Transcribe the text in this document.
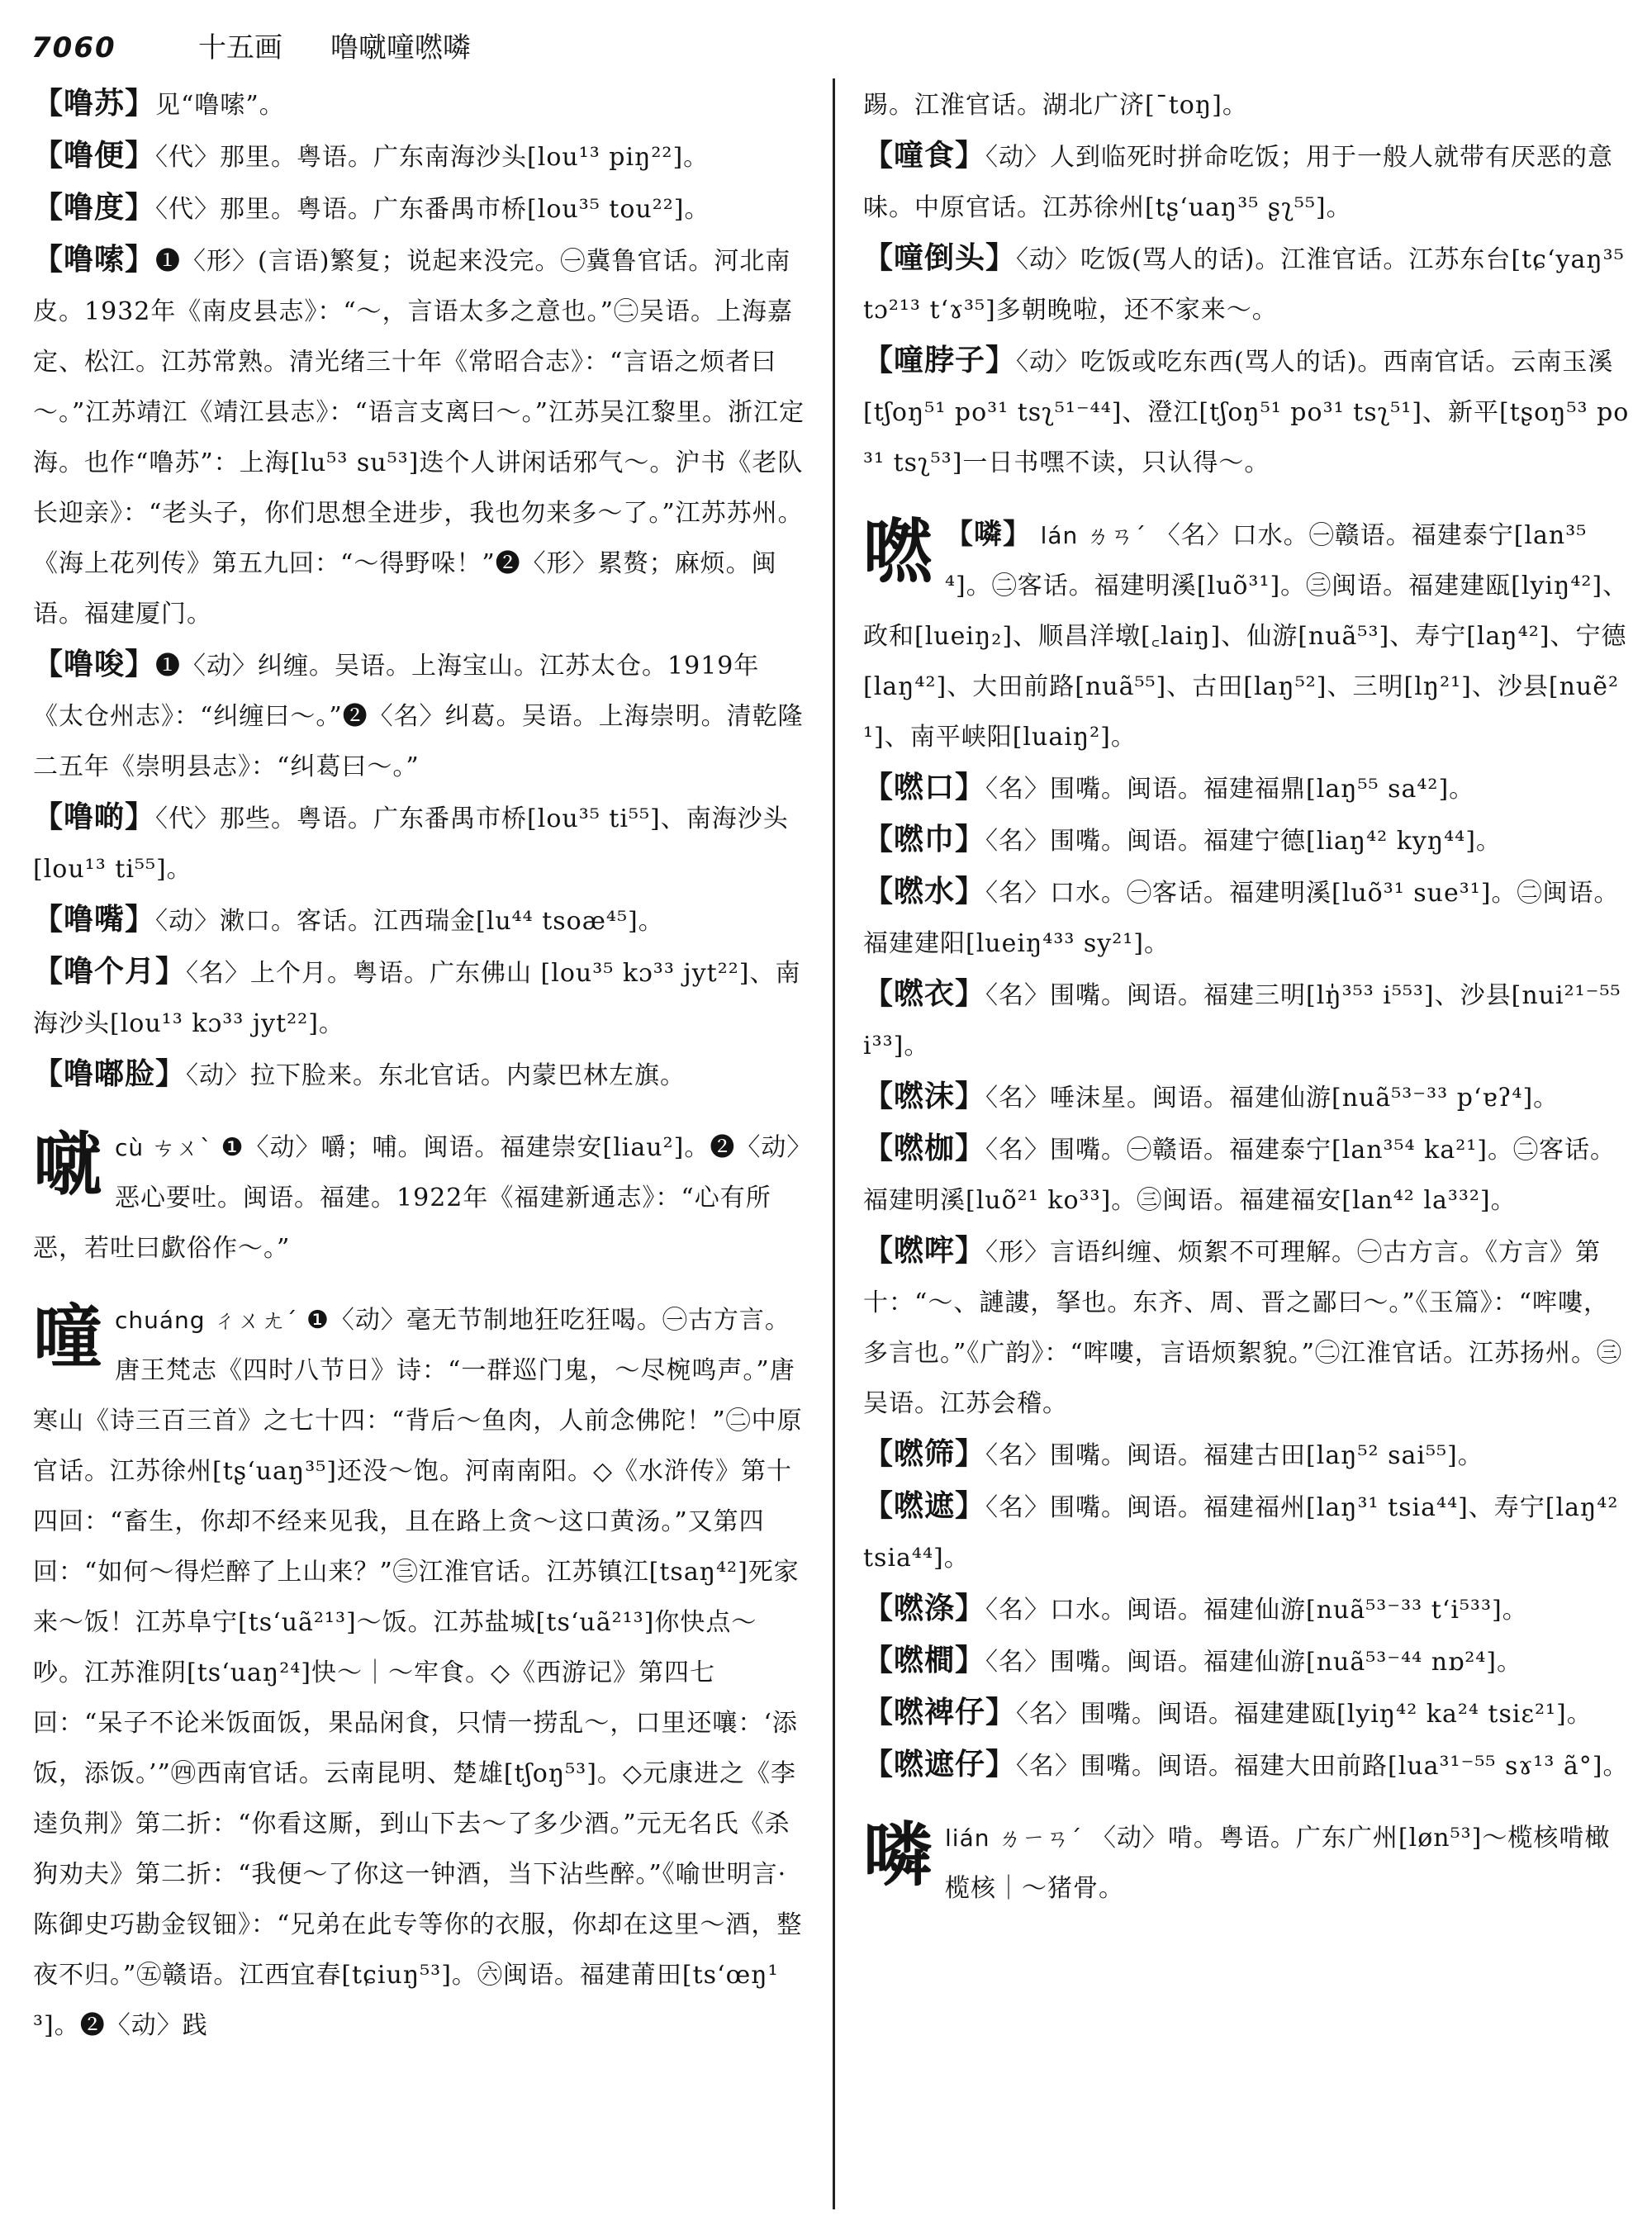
7060	十五画 噜噈噇嘫噒

【噜苏】见“噜嗦”。

【噜便】〈代〉那里。粤语。广东南海沙头[lou¹³ piŋ²²]。

【噜度】〈代〉那里。粤语。广东番禺市桥[lou³⁵ tou²²]。

【噜嗦】❶〈形〉(言语)繁复；说起来没完。㊀冀鲁官话。河北南皮。1932年《南皮县志》：“～，言语太多之意也。”㊁吴语。上海嘉定、松江。江苏常熟。清光绪三十年《常昭合志》：“言语之烦者曰～。”江苏靖江《靖江县志》：“语言支离曰～。”江苏吴江黎里。浙江定海。也作“噜苏”：上海[lu⁵³ su⁵³]迭个人讲闲话邪气～。沪书《老队长迎亲》：“老头子，你们思想全进步，我也勿来多～了。”江苏苏州。《海上花列传》第五九回：“～得野哚！”❷〈形〉累赘；麻烦。闽语。福建厦门。

【噜唆】❶〈动〉纠缠。吴语。上海宝山。江苏太仓。1919年《太仓州志》：“纠缠曰～。”❷〈名〉纠葛。吴语。上海崇明。清乾隆二五年《崇明县志》：“纠葛曰～。”

【噜啲】〈代〉那些。粤语。广东番禺市桥[lou³⁵ ti⁵⁵]、南海沙头[lou¹³ ti⁵⁵]。

【噜嘴】〈动〉漱口。客话。江西瑞金[lu⁴⁴ tsoæ⁴⁵]。

【噜个月】〈名〉上个月。粤语。广东佛山 [lou³⁵ kɔ³³ jyt²²]、南海沙头[lou¹³ kɔ³³ jyt²²]。

【噜嘟脸】〈动〉拉下脸来。东北官话。内蒙巴林左旗。

噈 cù ㄘㄨˋ ❶〈动〉嚼；哺。闽语。福建崇安[liau²]。❷〈动〉恶心要吐。闽语。福建。1922年《福建新通志》：“心有所恶，若吐曰歔俗作～。”
噇 chuáng ㄔㄨㄤˊ ❶〈动〉毫无节制地狂吃狂喝。㊀古方言。唐王梵志《四时八节日》诗：“一群巡门鬼，～尽椀鸣声。”唐寒山《诗三百三首》之七十四：“背后～鱼肉，人前念佛陀！”㊁中原官话。江苏徐州[tʂʻuaŋ³⁵]还没～饱。河南南阳。◇《水浒传》第十四回：“畜生，你却不经来见我，且在路上贪～这口黄汤。”又第四回：“如何～得烂醉了上山来？”㊂江淮官话。江苏镇江[tsaŋ⁴²]死家来～饭！江苏阜宁[tsʻuã²¹³]～饭。江苏盐城[tsʻuã²¹³]你快点～吵。江苏淮阴[tsʻuaŋ²⁴]快～｜～牢食。◇《西游记》第四七回：“呆子不论米饭面饭，果品闲食，只情一捞乱～，口里还嚷：‘添饭，添饭。’”㊃西南官话。云南昆明、楚雄[tʃoŋ⁵³]。◇元康进之《李逵负荆》第二折：“你看这厮，到山下去～了多少酒。”元无名氏《杀狗劝夫》第二折：“我便～了你这一钟酒，当下沾些醉。”《喻世明言·陈御史巧勘金钗钿》：“兄弟在此专等你的衣服，你却在这里～酒，整夜不归。”㊄赣语。江西宜春[tɕiuŋ⁵³]。㊅闽语。福建莆田[tsʻœŋ¹³]。❷〈动〉践

踢。江淮官话。湖北广济[ˉtoŋ]。

【噇食】〈动〉人到临死时拼命吃饭；用于一般人就带有厌恶的意味。中原官话。江苏徐州[tʂʻuaŋ³⁵ ʂʅ⁵⁵]。

【噇倒头】〈动〉吃饭(骂人的话)。江淮官话。江苏东台[tɕʻyaŋ³⁵ tɔ²¹³ tʻɤ³⁵]多朝晚啦，还不家来～。

【噇脖子】〈动〉吃饭或吃东西(骂人的话)。西南官话。云南玉溪[tʃoŋ⁵¹ po³¹ tsʅ⁵¹⁻⁴⁴]、澄江[tʃoŋ⁵¹ po³¹ tsʅ⁵¹]、新平[tʂoŋ⁵³ po³¹ tsʅ⁵³]一日书嘿不读，只认得～。

嘫 【噒】 lán ㄌㄢˊ 〈名〉口水。㊀赣语。福建泰宁[lan³⁵⁴]。㊁客话。福建明溪[luõ³¹]。㊂闽语。福建建瓯[lyiŋ⁴²]、政和[lueiŋ₂]、顺昌洋墩[꜀laiŋ]、仙游[nuã⁵³]、寿宁[laŋ⁴²]、宁德[laŋ⁴²]、大田前路[nuã⁵⁵]、古田[laŋ⁵²]、三明[lŋ²¹]、沙县[nuẽ²¹]、南平峡阳[luaiŋ²]。

【嘫口】〈名〉围嘴。闽语。福建福鼎[laŋ⁵⁵ sa⁴²]。

【嘫巾】〈名〉围嘴。闽语。福建宁德[liaŋ⁴² kyŋ⁴⁴]。

【嘫水】〈名〉口水。㊀客话。福建明溪[luõ³¹ sue³¹]。㊁闽语。福建建阳[lueiŋ⁴³³ sy²¹]。

【嘫衣】〈名〉围嘴。闽语。福建三明[lŋ̍³⁵³ i⁵⁵³]、沙县[nui²¹⁻⁵⁵ i³³]。

【嘫沫】〈名〉唾沫星。闽语。福建仙游[nuã⁵³⁻³³ pʻɐʔ⁴]。

【嘫枷】〈名〉围嘴。㊀赣语。福建泰宁[lan³⁵⁴ ka²¹]。㊁客话。福建明溪[luõ²¹ ko³³]。㊂闽语。福建福安[lan⁴² la³³²]。

【嘫哰】〈形〉言语纠缠、烦絮不可理解。㊀古方言。《方言》第十：“～、謰謱，拏也。东齐、周、晋之鄙曰～。”《玉篇》：“哰嘍，多言也。”《广韵》：“哰嘍，言语烦絮貌。”㊁江淮官话。江苏扬州。㊂吴语。江苏会稽。

【嘫筛】〈名〉围嘴。闽语。福建古田[laŋ⁵² sai⁵⁵]。

【嘫遮】〈名〉围嘴。闽语。福建福州[laŋ³¹ tsia⁴⁴]、寿宁[laŋ⁴² tsia⁴⁴]。

【嘫涤】〈名〉口水。闽语。福建仙游[nuã⁵³⁻³³ tʻi⁵³³]。

【嘫橺】〈名〉围嘴。闽语。福建仙游[nuã⁵³⁻⁴⁴ nɒ²⁴]。

【嘫裨仔】〈名〉围嘴。闽语。福建建瓯[lyiŋ⁴² ka²⁴ tsiɛ²¹]。

【嘫遮仔】〈名〉围嘴。闽语。福建大田前路[lua³¹⁻⁵⁵ sɤ¹³ ã°]。

噒 lián ㄌㄧㄢˊ 〈动〉啃。粤语。广东广州[løn⁵³]～榄核啃橄榄核｜～猪骨。
